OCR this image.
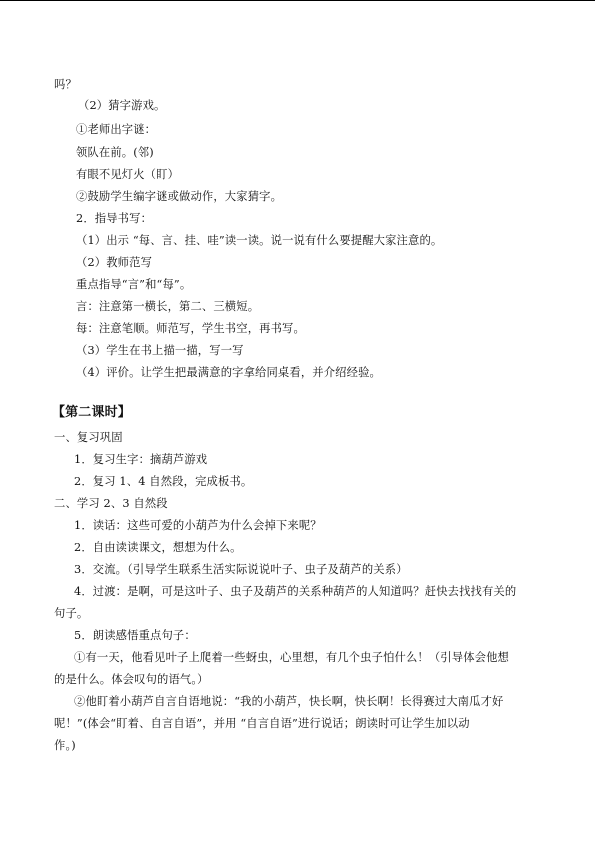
吗？
（2）猜字游戏。
①老师出字谜：
领队在前。(邻)
有眼不见灯火（盯）
②鼓励学生编字谜或做动作，大家猜字。
2．指导书写：
（1）出示 “每、言、挂、哇”读一读。说一说有什么要提醒大家注意的。
（2）教师范写
重点指导“言”和“每”。
言：注意第一横长，第二、三横短。
每：注意笔顺。师范写，学生书空，再书写。
（3）学生在书上描一描，写一写
（4）评价。让学生把最满意的字拿给同桌看，并介绍经验。
【第二课时】
一、复习巩固
1．复习生字：摘葫芦游戏
2．复习 1、4 自然段，完成板书。
二、学习 2、3 自然段
1．读话：这些可爱的小葫芦为什么会掉下来呢？
2．自由读读课文，想想为什么。
3．交流。（引导学生联系生活实际说说叶子、虫子及葫芦的关系）
4．过渡：是啊，可是这叶子、虫子及葫芦的关系种葫芦的人知道吗？赶快去找找有关的
句子。
5．朗读感悟重点句子：
①有一天，他看见叶子上爬着一些蚜虫，心里想，有几个虫子怕什么！（引导体会他想
的是什么。体会叹句的语气。）
②他盯着小葫芦自言自语地说：“我的小葫芦，快长啊，快长啊！长得赛过大南瓜才好
呢！”(体会“盯着、自言自语”，并用 “自言自语”进行说话；朗读时可让学生加以动
作。)
